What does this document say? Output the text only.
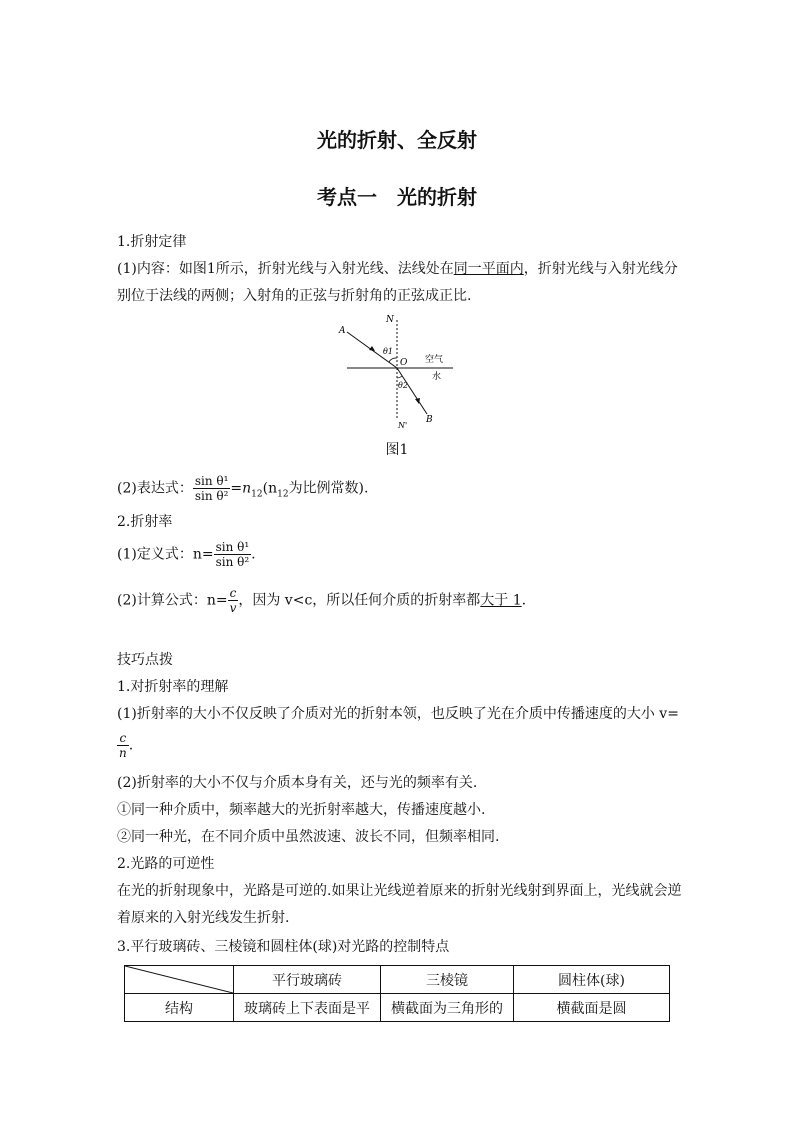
光的折射、全反射
考点一　光的折射
1.折射定律
(1)内容：如图1所示，折射光线与入射光线、法线处在同一平面内，折射光线与入射光线分
别位于法线的两侧；入射角的正弦与折射角的正弦成正比.
A
N
θ1
O 空气
水
θ2
B
N'
图1
(2)表达式： $\frac{\text{sin θ¹}}{\text{sin θ²}} =n_{12}(n_{12}$为比例常数).
2.折射率
(1)定义式：$n= \frac{\text{sin θ¹}}{\text{sin θ²}}$ .
(2)计算公式：$n= \frac{c}{v}$ ，因为 v<c，所以任何介质的折射率都大于 1.
技巧点拨
1.对折射率的理解
(1)折射率的大小不仅反映了介质对光的折射本领，也反映了光在介质中传播速度的大小 v=
$\frac{c}{n}$ .
(2)折射率的大小不仅与介质本身有关，还与光的频率有关.
①同一种介质中，频率越大的光折射率越大，传播速度越小.
②同一种光，在不同介质中虽然波速、波长不同，但频率相同.
2.光路的可逆性
在光的折射现象中，光路是可逆的.如果让光线逆着原来的折射光线射到界面上，光线就会逆
着原来的入射光线发生折射.
3.平行玻璃砖、三棱镜和圆柱体(球)对光路的控制特点
	平行玻璃砖	三棱镜	圆柱体(球)
结构	玻璃砖上下表面是平	横截面为三角形的	横截面是圆
